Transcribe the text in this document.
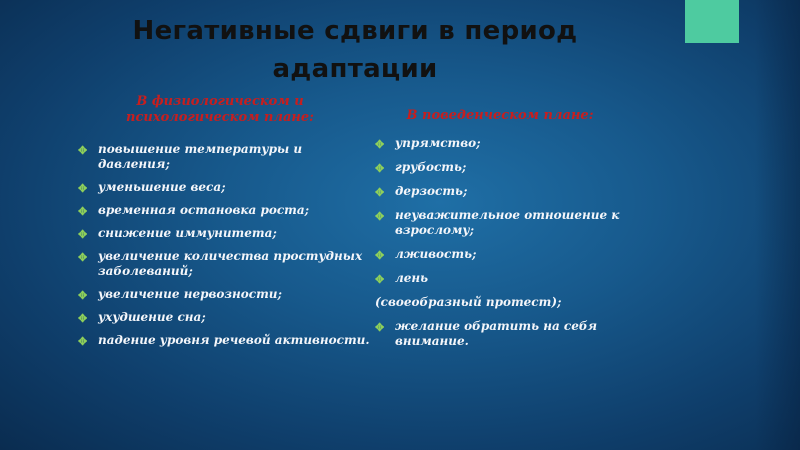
Негативные сдвиги в период адаптации
В физиологическом и психологическом плане:	В поведенческом плане:
✥ повышение температуры и давления;
✥ уменьшение веса;
✥ временная остановка роста;
✥ снижение иммунитета;
✥ увеличение количества простудных заболеваний;
✥ увеличение нервозности;
✥ ухудшение сна;
✥ падение уровня речевой активности.
✥ упрямство;
✥ грубость;
✥ дерзость;
✥ неуважительное отношение к взрослому;
✥ лживость;
✥ лень
(своеобразный протест);
✥ желание обратить на себя внимание.
